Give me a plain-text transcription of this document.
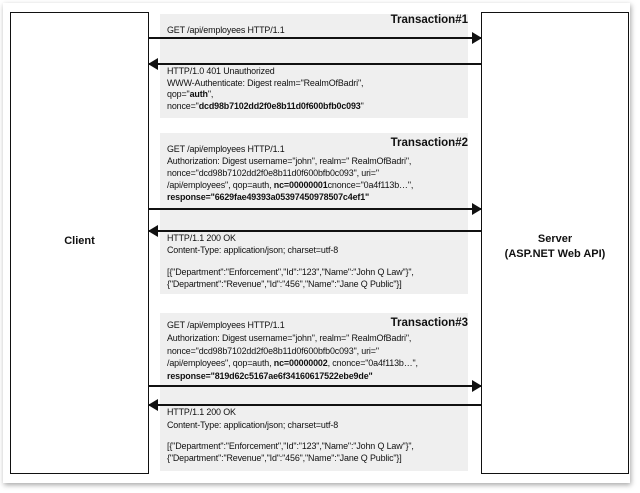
Client	Server
(ASP.NET Web API)
Transaction#1
GET /api/employees HTTP/1.1
HTTP/1.0 401 Unauthorized
WWW-Authenticate: Digest realm="RealmOfBadri",
qop="auth",
nonce="dcd98b7102dd2f0e8b11d0f600bfb0c093"
Transaction#2
GET /api/employees HTTP/1.1
Authorization: Digest username="john", realm=" RealmOfBadri",
nonce="dcd98b7102dd2f0e8b11d0f600bfb0c093", uri="
/api/employees", qop=auth, nc=00000001cnonce="0a4f113b…",
response="6629fae49393a05397450978507c4ef1"
HTTP/1.1 200 OK
Content-Type: application/json; charset=utf-8
[{"Department":"Enforcement","Id":"123","Name":"John Q Law"}",
{"Department":"Revenue","Id":"456","Name":"Jane Q Public"}]
Transaction#3
GET /api/employees HTTP/1.1
Authorization: Digest username="john", realm=" RealmOfBadri",
nonce="dcd98b7102dd2f0e8b11d0f600bfb0c093", uri="
/api/employees", qop=auth, nc=00000002, cnonce="0a4f113b…",
response="819d62c5167ae6f34160617522ebe9de"
HTTP/1.1 200 OK
Content-Type: application/json; charset=utf-8
[{"Department":"Enforcement","Id":"123","Name":"John Q Law"}",
{"Department":"Revenue","Id":"456","Name":"Jane Q Public"}]
